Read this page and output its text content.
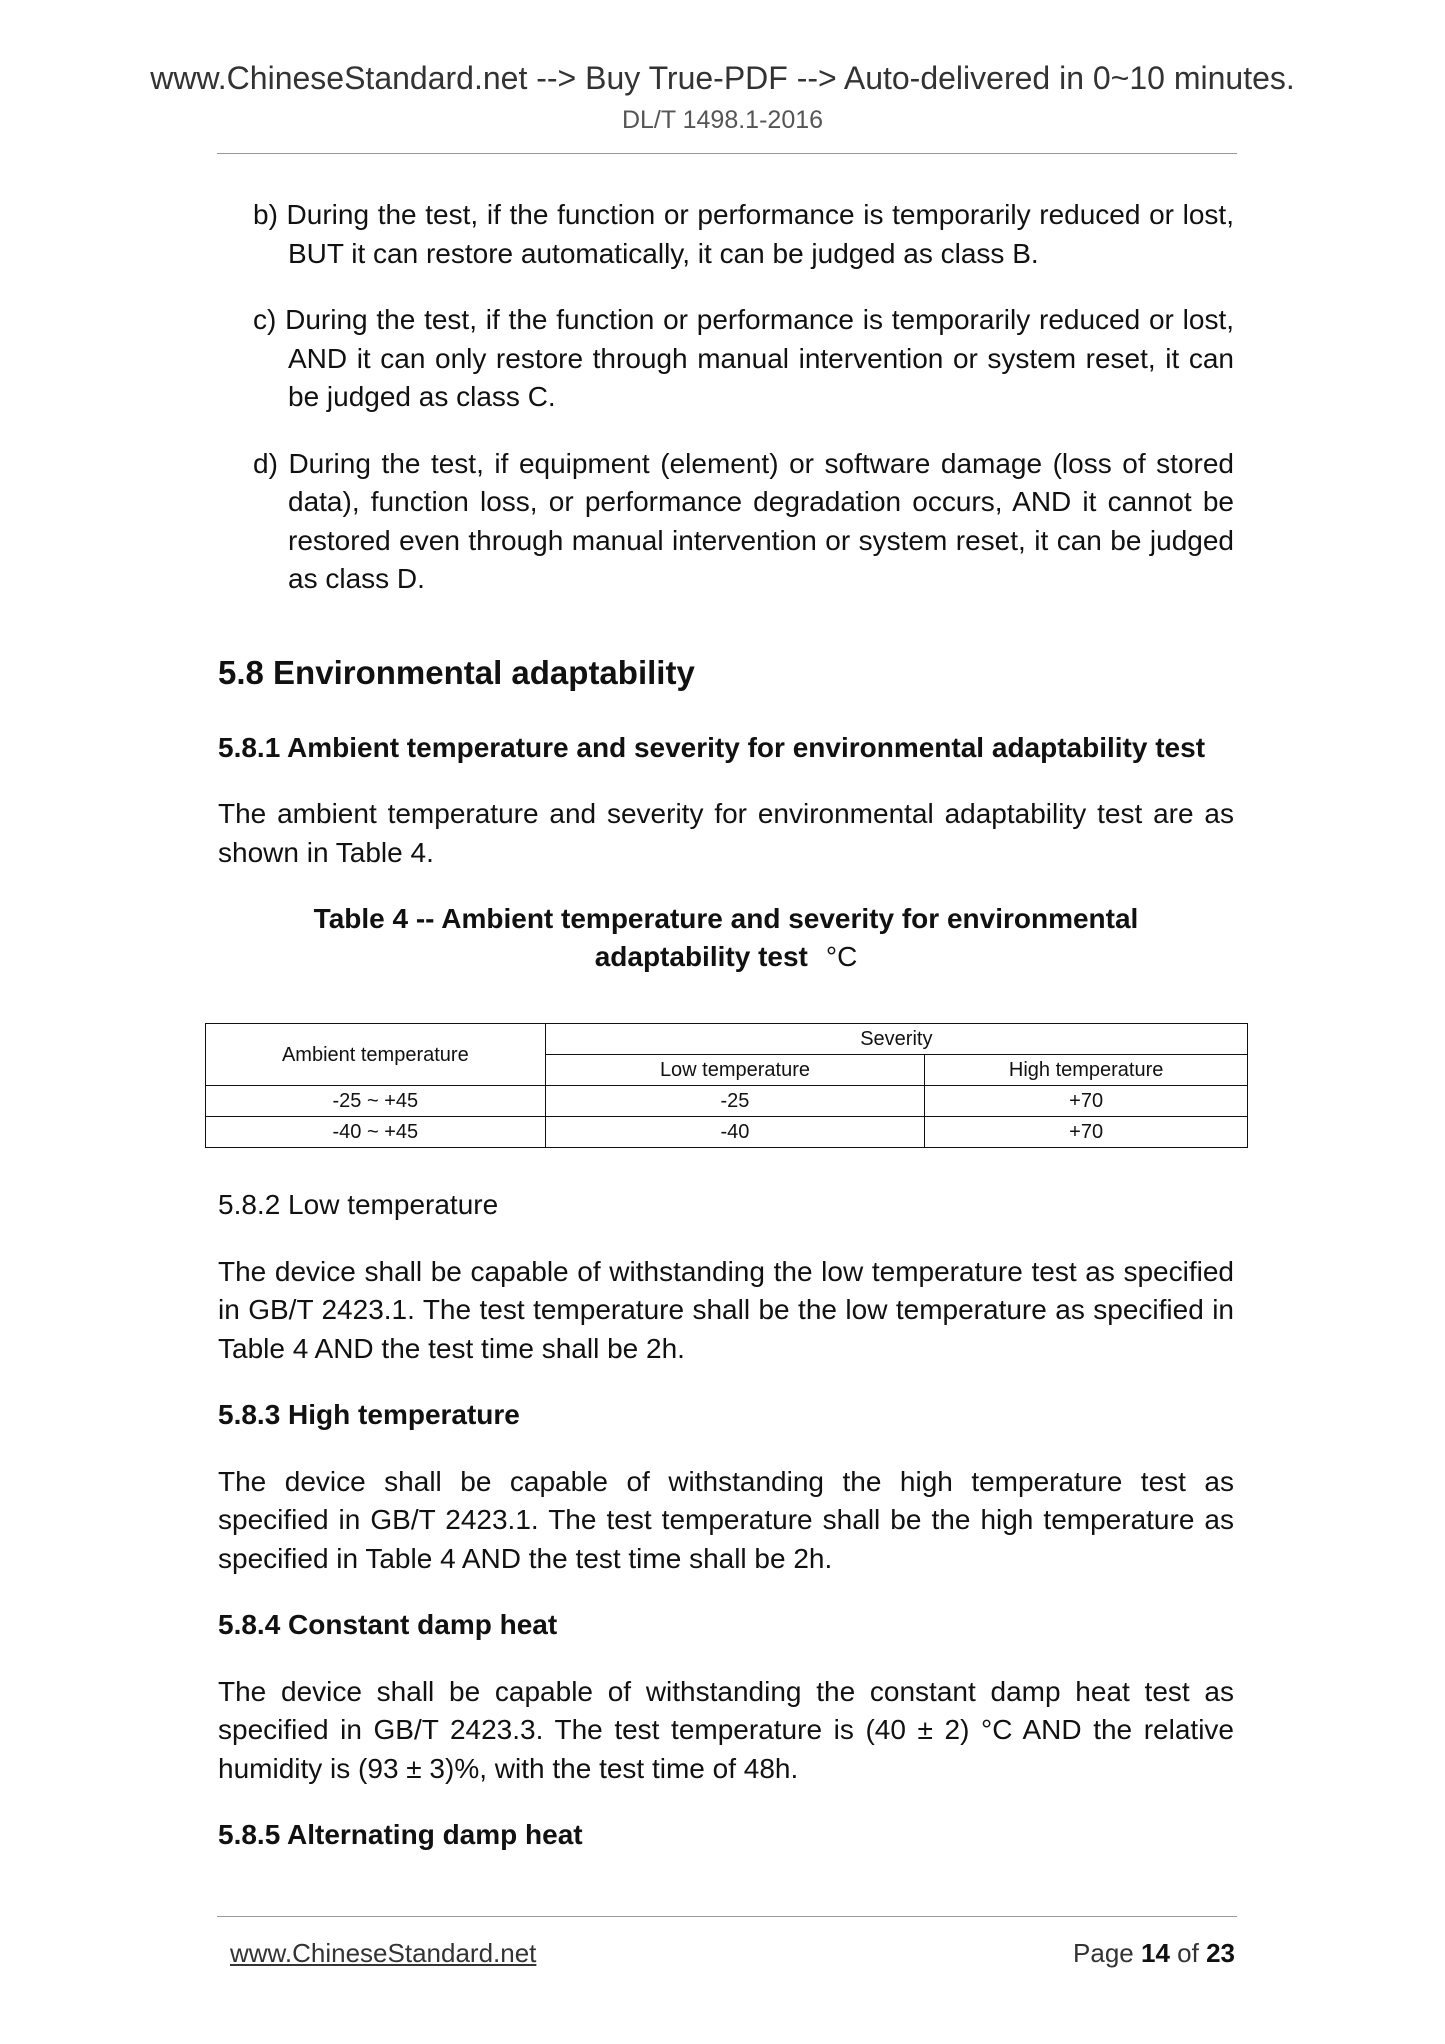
www.ChineseStandard.net --> Buy True-PDF --> Auto-delivered in 0~10 minutes.
DL/T 1498.1-2016

b) During the test, if the function or performance is temporarily reduced or lost, BUT it can restore automatically, it can be judged as class B.

c) During the test, if the function or performance is temporarily reduced or lost, AND it can only restore through manual intervention or system reset, it can be judged as class C.

d) During the test, if equipment (element) or software damage (loss of stored data), function loss, or performance degradation occurs, AND it cannot be restored even through manual intervention or system reset, it can be judged as class D.

5.8 Environmental adaptability
5.8.1 Ambient temperature and severity for environmental adaptability test

The ambient temperature and severity for environmental adaptability test are as shown in Table 4.

Table 4 -- Ambient temperature and severity for environmental
adaptability test °C
Ambient temperature	Severity	
	Low temperature	High temperature
-25 ~ +45	-25	+70
-40 ~ +45	-40	+70
5.8.2 Low temperature

The device shall be capable of withstanding the low temperature test as specified in GB/T 2423.1. The test temperature shall be the low temperature as specified in Table 4 AND the test time shall be 2h.

5.8.3 High temperature

The device shall be capable of withstanding the high temperature test as specified in GB/T 2423.1. The test temperature shall be the high temperature as specified in Table 4 AND the test time shall be 2h.

5.8.4 Constant damp heat

The device shall be capable of withstanding the constant damp heat test as specified in GB/T 2423.3. The test temperature is (40 ± 2) °C AND the relative humidity is (93 ± 3)%, with the test time of 48h.

5.8.5 Alternating damp heat
www.ChineseStandard.net	Page 14 of 23
